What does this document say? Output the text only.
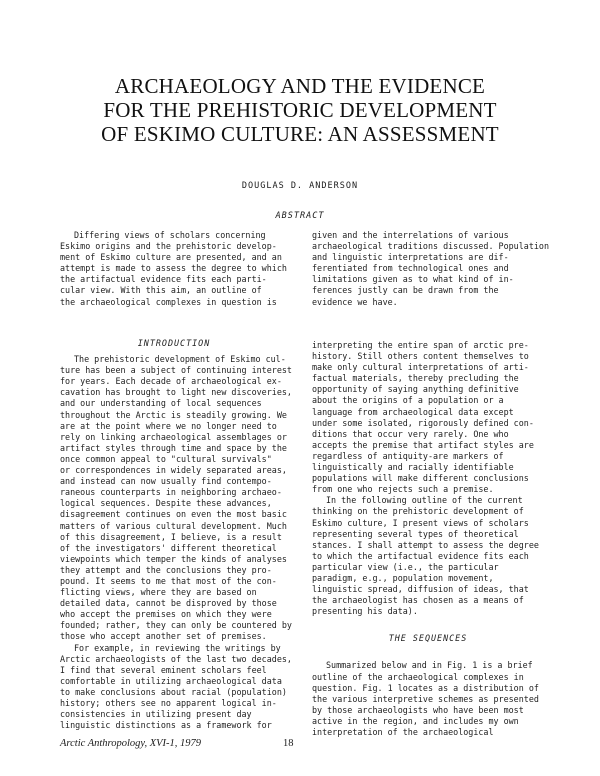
ARCHAEOLOGY AND THE EVIDENCE
FOR THE PREHISTORIC DEVELOPMENT
OF ESKIMO CULTURE: AN ASSESSMENT
DOUGLAS D. ANDERSON
ABSTRACT
Differing views of scholars concerning
Eskimo origins and the prehistoric develop-
ment of Eskimo culture are presented, and an
attempt is made to assess the degree to which
the artifactual evidence fits each parti-
cular view. With this aim, an outline of
the archaeological complexes in question is
given and the interrelations of various
archaeological traditions discussed. Population
and linguistic interpretations are dif-
ferentiated from technological ones and
limitations given as to what kind of in-
ferences justly can be drawn from the
evidence we have.
INTRODUCTION
The prehistoric development of Eskimo cul-
ture has been a subject of continuing interest
for years. Each decade of archaeological ex-
cavation has brought to light new discoveries,
and our understanding of local sequences
throughout the Arctic is steadily growing. We
are at the point where we no longer need to
rely on linking archaeological assemblages or
artifact styles through time and space by the
once common appeal to "cultural survivals"
or correspondences in widely separated areas,
and instead can now usually find contempo-
raneous counterparts in neighboring archaeo-
logical sequences. Despite these advances,
disagreement continues on even the most basic
matters of various cultural development. Much
of this disagreement, I believe, is a result
of the investigators' different theoretical
viewpoints which temper the kinds of analyses
they attempt and the conclusions they pro-
pound. It seems to me that most of the con-
flicting views, where they are based on
detailed data, cannot be disproved by those
who accept the premises on which they were
founded; rather, they can only be countered by
those who accept another set of premises.
For example, in reviewing the writings by
Arctic archaeologists of the last two decades,
I find that several eminent scholars feel
comfortable in utilizing archaeological data
to make conclusions about racial (population)
history; others see no apparent logical in-
consistencies in utilizing present day
linguistic distinctions as a framework for
interpreting the entire span of arctic pre-
history. Still others content themselves to
make only cultural interpretations of arti-
factual materials, thereby precluding the
opportunity of saying anything definitive
about the origins of a population or a
language from archaeological data except
under some isolated, rigorously defined con-
ditions that occur very rarely. One who
accepts the premise that artifact styles are
regardless of antiquity-are markers of
linguistically and racially identifiable
populations will make different conclusions
from one who rejects such a premise.
In the following outline of the current
thinking on the prehistoric development of
Eskimo culture, I present views of scholars
representing several types of theoretical
stances. I shall attempt to assess the degree
to which the artifactual evidence fits each
particular view (i.e., the particular
paradigm, e.g., population movement,
linguistic spread, diffusion of ideas, that
the archaeologist has chosen as a means of
presenting his data).
THE SEQUENCES
Summarized below and in Fig. 1 is a brief
outline of the archaeological complexes in
question. Fig. 1 locates as a distribution of
the various interpretive schemes as presented
by those archaeologists who have been most
active in the region, and includes my own
interpretation of the archaeological
Arctic Anthropology, XVI-1, 1979	18
